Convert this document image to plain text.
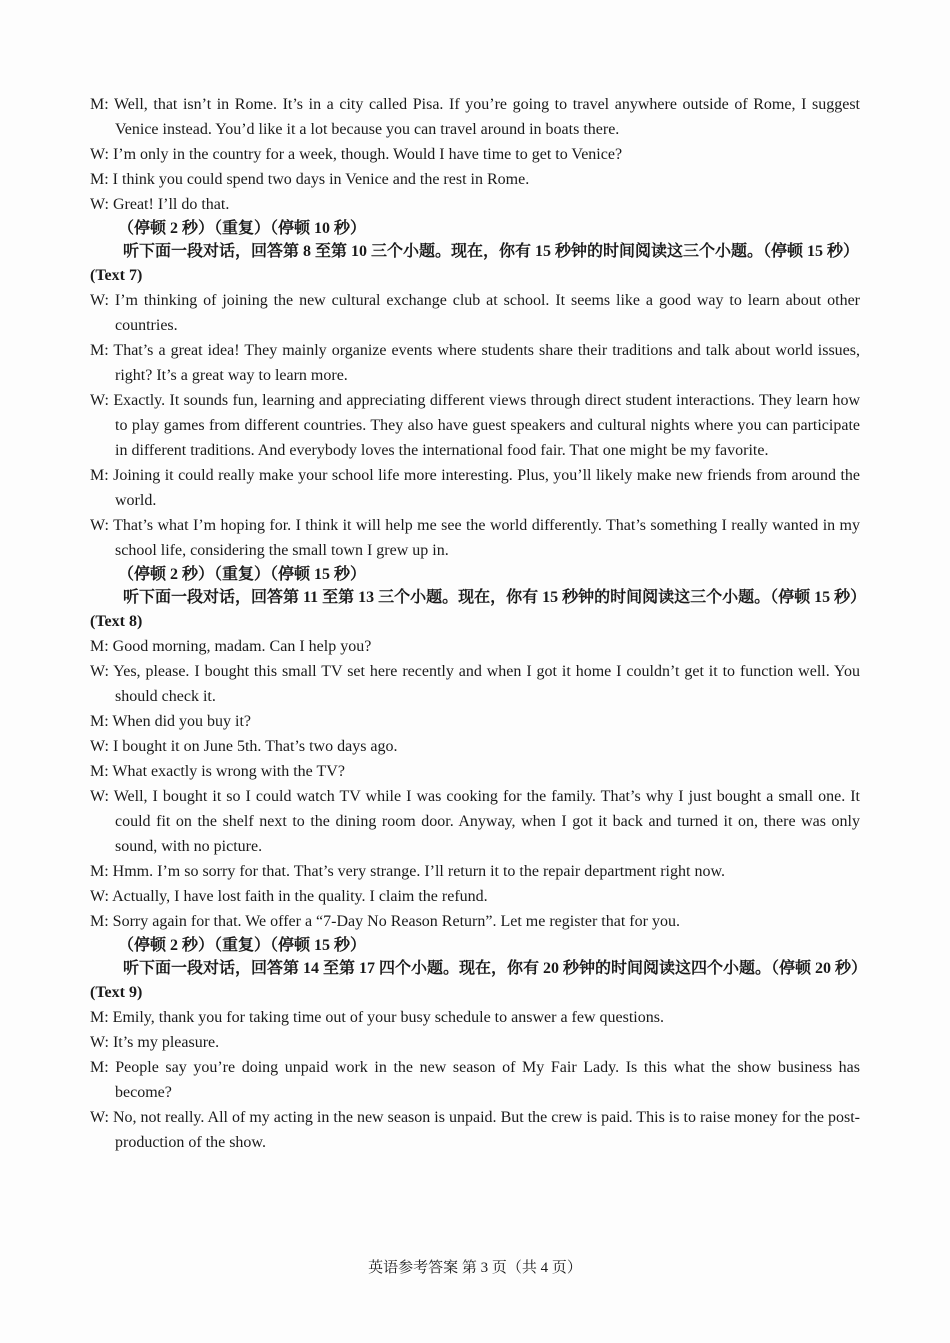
M: Well, that isn’t in Rome. It’s in a city called Pisa. If you’re going to travel anywhere outside of Rome, I suggest Venice instead. You’d like it a lot because you can travel around in boats there.

W: I’m only in the country for a week, though. Would I have time to get to Venice?

M: I think you could spend two days in Venice and the rest in Rome.

W: Great! I’ll do that.

（停顿 2 秒）（重复）（停顿 10 秒）

听下面一段对话，回答第 8 至第 10 三个小题。现在，你有 15 秒钟的时间阅读这三个小题。（停顿 15 秒）

(Text 7)

W: I’m thinking of joining the new cultural exchange club at school. It seems like a good way to learn about other countries.

M: That’s a great idea! They mainly organize events where students share their traditions and talk about world issues, right? It’s a great way to learn more.

W: Exactly. It sounds fun, learning and appreciating different views through direct student interactions. They learn how to play games from different countries. They also have guest speakers and cultural nights where you can participate in different traditions. And everybody loves the international food fair. That one might be my favorite.

M: Joining it could really make your school life more interesting. Plus, you’ll likely make new friends from around the world.

W: That’s what I’m hoping for. I think it will help me see the world differently. That’s something I really wanted in my school life, considering the small town I grew up in.

（停顿 2 秒）（重复）（停顿 15 秒）

听下面一段对话，回答第 11 至第 13 三个小题。现在，你有 15 秒钟的时间阅读这三个小题。（停顿 15 秒）

(Text 8)

M: Good morning, madam. Can I help you?

W: Yes, please. I bought this small TV set here recently and when I got it home I couldn’t get it to function well. You should check it.

M: When did you buy it?

W: I bought it on June 5th. That’s two days ago.

M: What exactly is wrong with the TV?

W: Well, I bought it so I could watch TV while I was cooking for the family. That’s why I just bought a small one. It could fit on the shelf next to the dining room door. Anyway, when I got it back and turned it on, there was only sound, with no picture.

M: Hmm. I’m so sorry for that. That’s very strange. I’ll return it to the repair department right now.

W: Actually, I have lost faith in the quality. I claim the refund.

M: Sorry again for that. We offer a “7-Day No Reason Return”. Let me register that for you.

（停顿 2 秒）（重复）（停顿 15 秒）

听下面一段对话，回答第 14 至第 17 四个小题。现在，你有 20 秒钟的时间阅读这四个小题。（停顿 20 秒）

(Text 9)

M: Emily, thank you for taking time out of your busy schedule to answer a few questions.

W: It’s my pleasure.

M: People say you’re doing unpaid work in the new season of My Fair Lady. Is this what the show business has become?

W: No, not really. All of my acting in the new season is unpaid. But the crew is paid. This is to raise money for the post-production of the show.

英语参考答案 第 3 页（共 4 页）
